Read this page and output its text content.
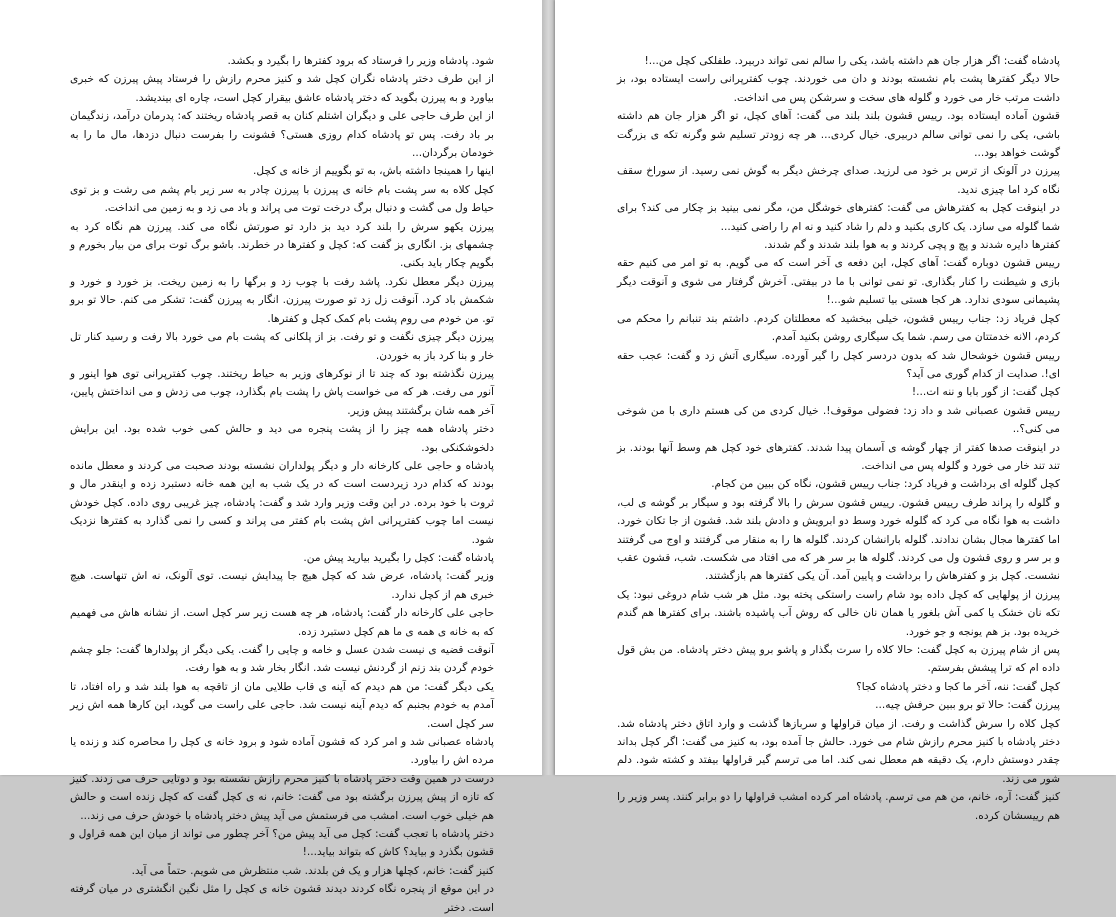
شود. پادشاه وزیر را فرستاد که برود کفترها را بگیرد و بکشد.

از این طرف دختر پادشاه نگران کچل شد و کنیز محرم رازش را فرستاد پیش پیرزن که خبری بیاورد و به پیرزن بگوید که دختر پادشاه عاشق بیقرار کچل است، چاره ای بیندیشد.

از این طرف حاجی علی و دیگران اشتلم کنان به قصر پادشاه ریختند که: پدرمان درآمد، زندگیمان بر باد رفت. پس تو پادشاه کدام روزی هستی؟ قشونت را بفرست دنبال دزدها، مال ما را به خودمان برگردان...

اینها را همینجا داشته باش، به تو بگوییم از خانه ی کچل.

کچل کلاه به سر پشت بام خانه ی پیرزن با پیرزن چادر به سر زیر بام پشم می رشت و بز توی حیاط ول می گشت و دنبال برگ درخت توت می پراند و باد می زد و به زمین می انداخت.

پیرزن یکهو سرش را بلند کرد دید بز دارد تو صورتش نگاه می کند. پیرزن هم نگاه کرد به چشمهای بز. انگاری بز گفت که: کچل و کفترها در خطرند. باشو برگ توت برای من بیار بخورم و بگویم چکار باید بکنی.

پیرزن دیگر معطل نکرد. پاشد رفت با چوب زد و برگها را به زمین ریخت. بز خورد و خورد و شکمش باد کرد. آنوقت زل زد تو صورت پیرزن. انگار به پیرزن گفت: تشکر می کنم. حالا تو برو تو. من خودم می روم پشت بام کمک کچل و کفترها.

پیرزن دیگر چیزی نگفت و تو رفت. بز از پلکانی که پشت بام می خورد بالا رفت و رسید کنار تل خار و بنا کرد باز به خوردن.

پیرزن نگذشته بود که چند تا از نوکرهای وزیر به حیاط ریختند. چوب کفترپرانی توی هوا اینور و آنور می رفت. هر که می خواست پاش را پشت بام بگذارد، چوب می زدش و می انداختش پایین، آخر همه شان برگشتند پیش وزیر.

دختر پادشاه همه چیز را از پشت پنجره می دید و حالش کمی خوب شده بود. این برایش دلخوشکنکی بود.

پادشاه و حاجی علی کارخانه دار و دیگر پولداران نشسته بودند صحبت می کردند و معطل مانده بودند که کدام درد زیردست است که در یک شب به این همه خانه دستبرد زده و اینقدر مال و ثروت با خود برده. در این وقت وزیر وارد شد و گفت: پادشاه، چیز غریبی روی داده. کچل خودش نیست اما چوب کفترپرانی اش پشت بام کفتر می پراند و کسی را نمی گذارد به کفترها نزدیک شود.

پادشاه گفت: کچل را بگیرید بیارید پیش من.

وزیر گفت: پادشاه، عرض شد که کچل هیچ جا پیدایش نیست. توی آلونک، نه اش تنهاست. هیچ خبری هم از کچل ندارد.

حاجی علی کارخانه دار گفت: پادشاه، هر چه هست زیر سر کچل است. از نشانه هاش می فهمیم که به خانه ی همه ی ما هم کچل دستبرد زده.

آنوقت قضیه ی نیست شدن عسل و خامه و چایی را گفت. یکی دیگر از پولدارها گفت: جلو چشم خودم گردن بند زنم از گردنش نیست شد. انگار بخار شد و به هوا رفت.

یکی دیگر گفت: من هم دیدم که آینه ی قاب طلایی مان از تاقچه به هوا بلند شد و راه افتاد، تا آمدم به خودم بجنبم که دیدم آینه نیست شد. حاجی علی راست می گوید، این کارها همه اش زیر سر کچل است.

پادشاه عصبانی شد و امر کرد که قشون آماده شود و برود خانه ی کچل را محاصره کند و زنده یا مرده اش را بیاورد.

درست در همین وقت دختر پادشاه با کنیز محرم رازش نشسته بود و دوتایی حرف می زدند. کنیز که تازه از پیش پیرزن برگشته بود می گفت: خانم، نه ی کچل گفت که کچل زنده است و حالش هم خیلی خوب است. امشب می فرستمش می آید پیش دختر پادشاه با خودش حرف می زند...

دختر پادشاه با تعجب گفت: کچل می آید پیش من؟ آخر چطور می تواند از میان این همه قراول و قشون بگذرد و بیاید؟ کاش که بتواند بیاید...!

کنیز گفت: خانم، کچلها هزار و یک فن بلدند. شب منتظرش می شویم. حتماً می آید.

در این موقع از پنجره نگاه کردند دیدند قشون خانه ی کچل را مثل نگین انگشتری در میان گرفته است. دختر

پادشاه گفت: اگر هزار جان هم داشته باشد، یکی را سالم نمی تواند دربیرد. طفلکی کچل من...!

حالا دیگر کفترها پشت بام نشسته بودند و دان می خوردند. چوب کفترپرانی راست ایستاده بود، بز داشت مرتب خار می خورد و گلوله های سخت و سرشکن پس می انداخت.

قشون آماده ایستاده بود. رییس قشون بلند بلند می گفت: آهای کچل، تو اگر هزار جان هم داشته باشی، یکی را نمی توانی سالم دربیری. خیال کردی... هر چه زودتر تسلیم شو وگرنه تکه ی بزرگت گوشت خواهد بود...

پیرزن در آلونک از ترس بر خود می لرزید. صدای چرخش دیگر به گوش نمی رسید. از سوراخ سقف نگاه کرد اما چیزی ندید.

در اینوقت کچل به کفترهاش می گفت: کفترهای خوشگل من، مگر نمی بینید بز چکار می کند؟ برای شما گلوله می سازد. یک کاری بکنید و دلم را شاد کنید و نه ام را راضی کنید...

کفترها دایره شدند و پچ و پچی کردند و به هوا بلند شدند و گم شدند.

رییس قشون دوباره گفت: آهای کچل، این دفعه ی آخر است که می گویم. به تو امر می کنیم حقه بازی و شیطنت را کنار بگذاری. تو نمی توانی با ما در بیفتی. آخرش گرفتار می شوی و آنوقت دیگر پشیمانی سودی ندارد. هر کجا هستی بیا تسلیم شو...!

کچل فریاد زد: جناب رییس قشون، خیلی ببخشید که معطلتان کردم. داشتم بند تنبانم را محکم می کردم، الانه خدمتتان می رسم. شما یک سیگاری روشن بکنید آمدم.

رییس قشون خوشحال شد که بدون دردسر کچل را گیر آورده. سیگاری آتش زد و گفت: عجب حقه ای!. صدایت از کدام گوری می آید؟

کچل گفت: از گور بابا و ننه ات...!

رییس قشون عصبانی شد و داد زد: فضولی موقوف!. خیال کردی من کی هستم داری با من شوخی می کنی؟..

در اینوقت صدها کفتر از چهار گوشه ی آسمان پیدا شدند. کفترهای خود کچل هم وسط آنها بودند. بز تند تند خار می خورد و گلوله پس می انداخت.

کچل گلوله ای برداشت و فریاد کرد: جناب رییس قشون، نگاه کن ببین من کجام.

و گلوله را پراند طرف رییس قشون. رییس قشون سرش را بالا گرفته بود و سیگار بر گوشه ی لب، داشت به هوا نگاه می کرد که گلوله خورد وسط دو ابرویش و دادش بلند شد. قشون از جا تکان خورد. اما کفترها مجال بشان ندادند. گلوله بارانشان کردند. گلوله ها را به منقار می گرفتند و اوج می گرفتند و بر سر و روی قشون ول می کردند. گلوله ها بر سر هر که می افتاد می شکست. شب، قشون عقب نشست. کچل بز و کفترهاش را برداشت و پایین آمد. آن یکی کفترها هم بازگشتند.

پیرزن از پولهایی که کچل داده بود شام راست راستکی پخته بود. مثل هر شب شام دروغی نبود: یک تکه نان خشک یا کمی آش بلغور یا همان نان خالی که روش آب پاشیده باشند. برای کفترها هم گندم خریده بود. بز هم یونجه و جو خورد.

پس از شام پیرزن به کچل گفت: حالا کلاه را سرت بگذار و پاشو برو پیش دختر پادشاه. من بش قول داده ام که ترا پیشش بفرستم.

کچل گفت: ننه، آخر ما کجا و دختر پادشاه کجا؟

پیرزن گفت: حالا تو برو ببین حرفش چیه...

کچل کلاه را سرش گذاشت و رفت. از میان قراولها و سربازها گذشت و وارد اتاق دختر پادشاه شد. دختر پادشاه با کنیز محرم رازش شام می خورد. حالش جا آمده بود، به کنیز می گفت: اگر کچل بداند چقدر دوستش دارم، یک دقیقه هم معطل نمی کند. اما می ترسم گیر قراولها بیفتد و کشته شود. دلم شور می زند.

کنیز گفت: آره، خانم، من هم می ترسم. پادشاه امر کرده امشب قراولها را دو برابر کنند. پسر وزیر را هم رییسشان کرده.
